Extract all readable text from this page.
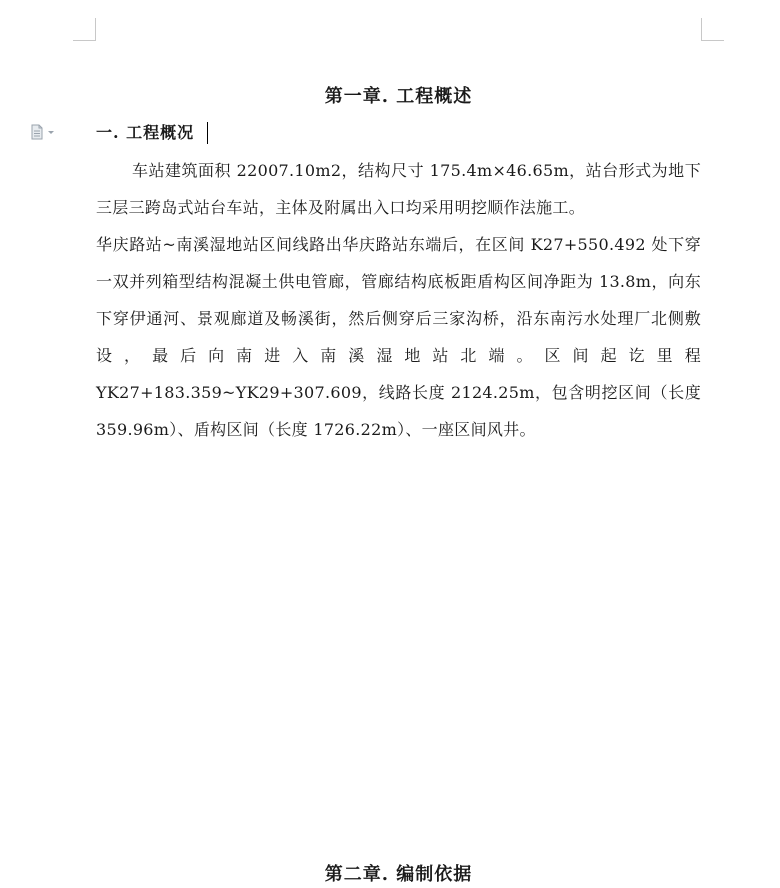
第一章. 工程概述
一. 工程概况

车站建筑面积 22007.10m2，结构尺寸 175.4m×46.65m，站台形式为地下三层三跨岛式站台车站，主体及附属出入口均采用明挖顺作法施工。

华庆路站~南溪湿地站区间线路出华庆路站东端后，在区间 K27+550.492 处下穿一双并列箱型结构混凝土供电管廊，管廊结构底板距盾构区间净距为 13.8m，向东下穿伊通河、景观廊道及畅溪街，然后侧穿后三家沟桥，沿东南污水处理厂北侧敷设，最后向南进入南溪湿地站北端。区间起讫里程 YK27+183.359~YK29+307.609，线路长度 2124.25m，包含明挖区间（长度 359.96m）、盾构区间（长度 1726.22m）、一座区间风井。

第二章. 编制依据
